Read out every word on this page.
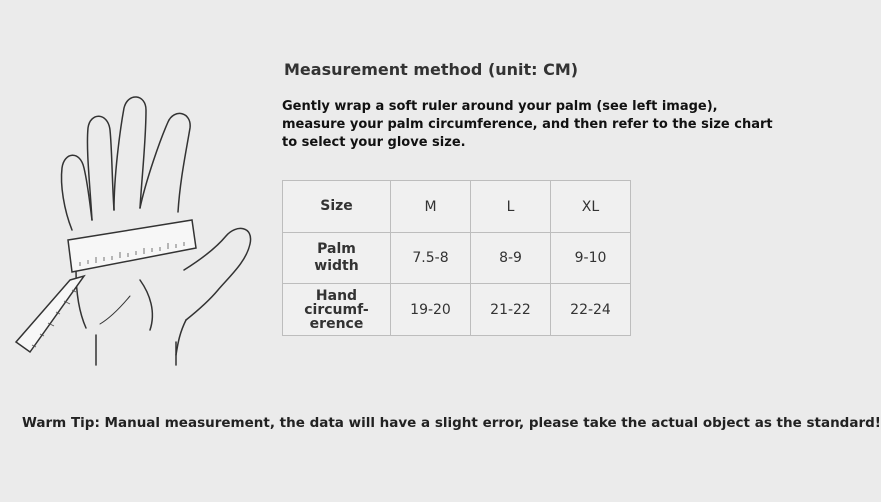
Measurement method (unit: CM)
Gently wrap a soft ruler around your palm (see left image), measure your palm circumference, and then refer to the size chart to select your glove size.
Size	M	L	XL
Palm width	7.5-8	8-9	9-10
Hand circumf-erence	19-20	21-22	22-24
Warm Tip: Manual measurement, the data will have a slight error, please take the actual object as the standard!
